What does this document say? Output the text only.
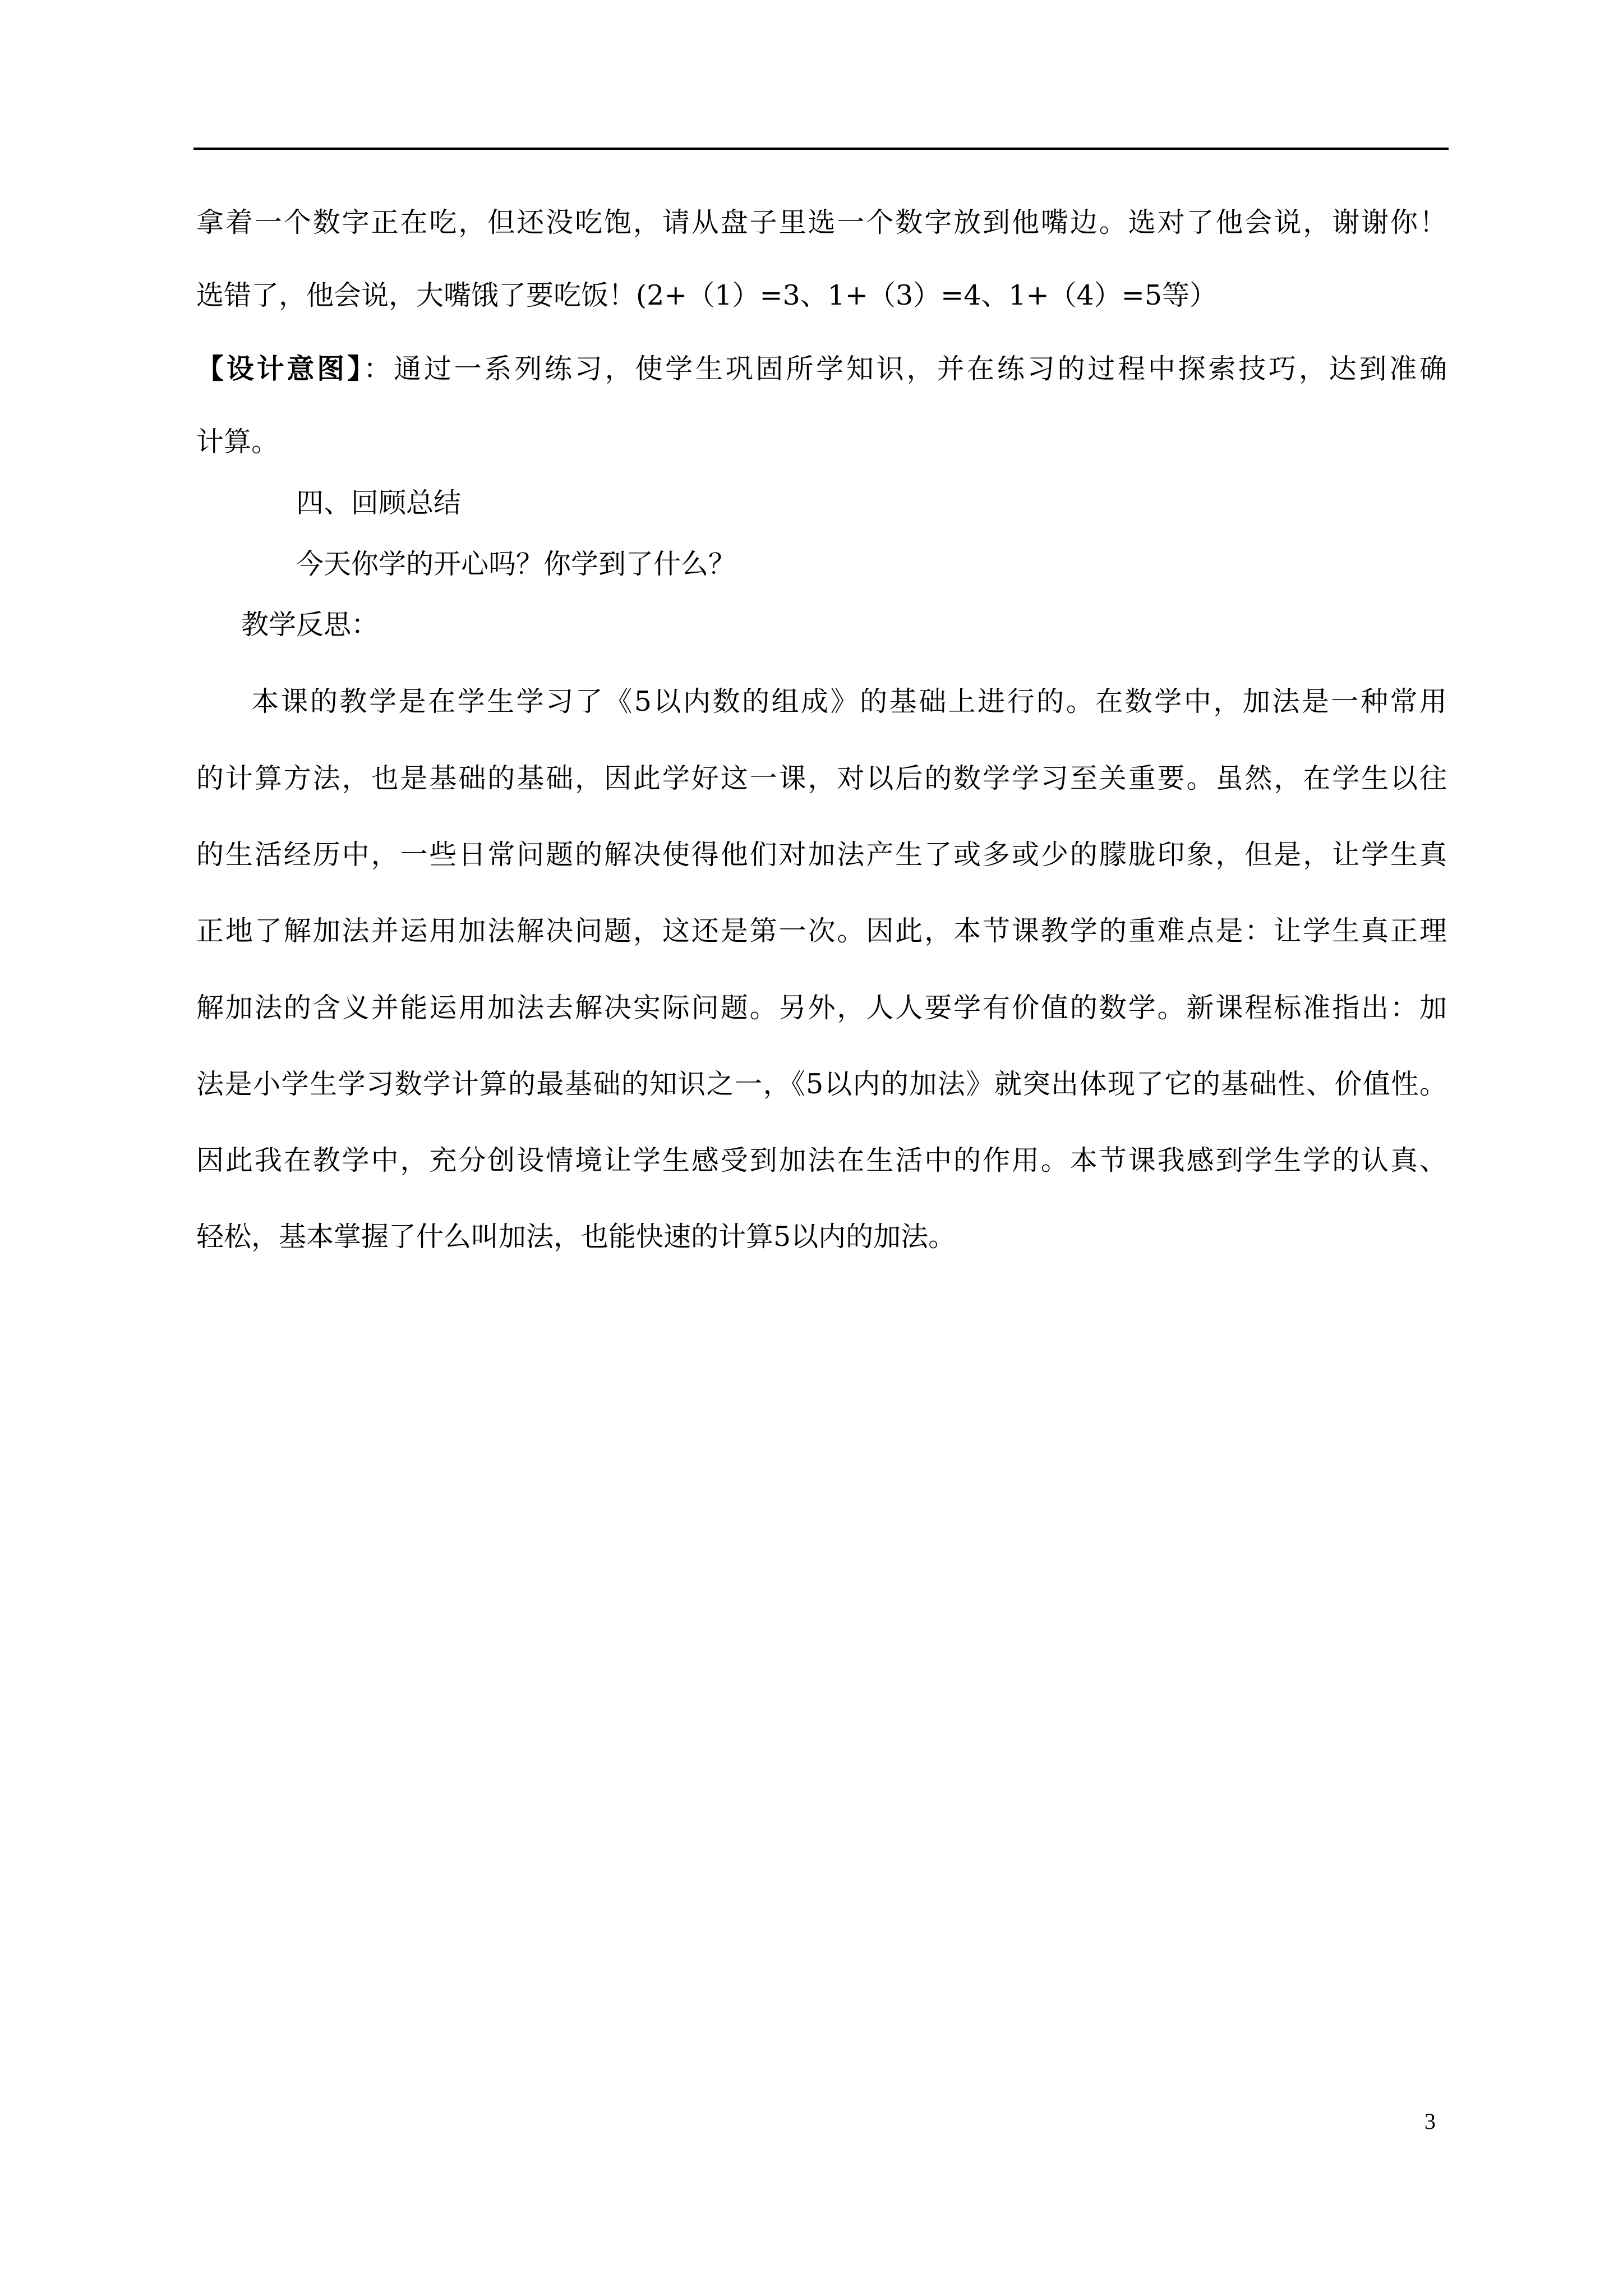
拿着一个数字正在吃，但还没吃饱，请从盘子里选一个数字放到他嘴边。选对了他会说，谢谢你！
选错了，他会说，大嘴饿了要吃饭！(2+（1）=3、1+（3）=4、1+（4）=5等）
【设计意图】：通过一系列练习，使学生巩固所学知识，并在练习的过程中探索技巧，达到准确
计算。
四、回顾总结
今天你学的开心吗？你学到了什么？
教学反思：
本课的教学是在学生学习了《5以内数的组成》的基础上进行的。在数学中，加法是一种常用
的计算方法，也是基础的基础，因此学好这一课，对以后的数学学习至关重要。虽然，在学生以往
的生活经历中，一些日常问题的解决使得他们对加法产生了或多或少的朦胧印象，但是，让学生真
正地了解加法并运用加法解决问题，这还是第一次。因此，本节课教学的重难点是：让学生真正理
解加法的含义并能运用加法去解决实际问题。另外，人人要学有价值的数学。新课程标准指出：加
法是小学生学习数学计算的最基础的知识之一，《5以内的加法》就突出体现了它的基础性、价值性。
因此我在教学中，充分创设情境让学生感受到加法在生活中的作用。本节课我感到学生学的认真、
轻松，基本掌握了什么叫加法，也能快速的计算5以内的加法。
3
